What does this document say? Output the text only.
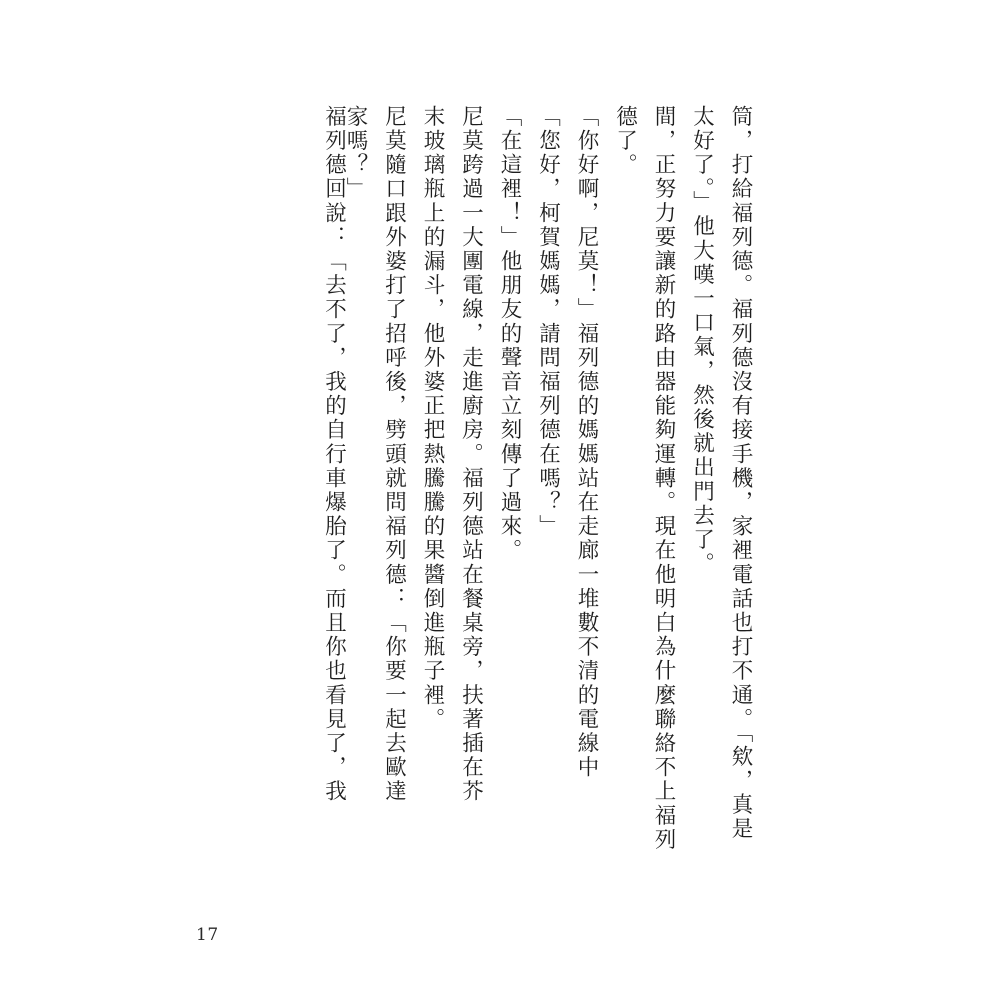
筒，打給福列德。福列德沒有接手機，家裡電話也打不通。「欸，真是
太好了。」他大嘆一口氣，然後就出門去了。
間，正努力要讓新的路由器能夠運轉。現在他明白為什麼聯絡不上福列
德了。
「你好啊，尼莫！」福列德的媽媽站在走廊一堆數不清的電線中
「您好，柯賀媽媽，請問福列德在嗎？」
「在這裡！」他朋友的聲音立刻傳了過來。
尼莫跨過一大團電線，走進廚房。福列德站在餐桌旁，扶著插在芥
末玻璃瓶上的漏斗，他外婆正把熱騰騰的果醬倒進瓶子裡。
尼莫隨口跟外婆打了招呼後，劈頭就問福列德：「你要一起去歐達
家嗎？」
福列德回說：「去不了，我的自行車爆胎了。而且你也看見了，我
17
